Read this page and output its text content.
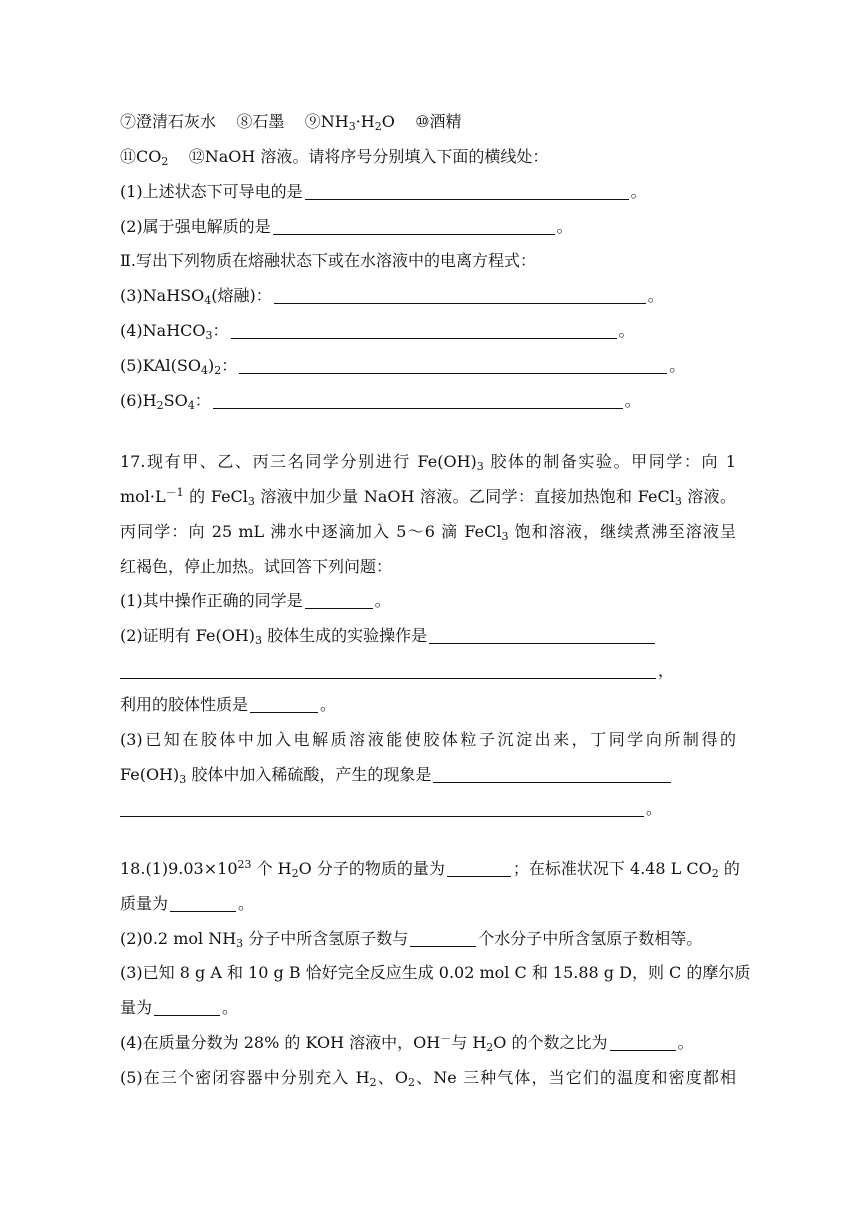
⑦澄清石灰水 ⑧石墨 $⑨NH_3\cdot H_2O$ ⑩酒精
$⑪CO_2$ ⑫NaOH 溶液。请将序号分别填入下面的横线处：
(1)上述状态下可导电的是	。
(2)属于强电解质的是	。
Ⅱ.写出下列物质在熔融状态下或在水溶液中的电离方程式：
(3)NaHSO$_4$(熔融)：	。
(4)NaHCO$_3$：	。
$(5)KAl(SO_4)_2$：	。
$(6)H_2SO_4$：	。
17.现有甲、乙、丙三名同学分别进行 $Fe(OH)_3$ 胶体的制备实验。甲同学：向 1
$mol\cdot L^{-1}$ 的 FeCl$_3$ 溶液中加少量 NaOH 溶液。乙同学：直接加热饱和 FeCl$_3$ 溶液。
丙同学：向 25 mL 沸水中逐滴加入 5～6 滴 FeCl$_3$ 饱和溶液，继续煮沸至溶液呈
红褐色，停止加热。试回答下列问题：
(1)其中操作正确的同学是	。
(2)证明有 $Fe(OH)_3$ 胶体生成的实验操作是
，
利用的胶体性质是	。
(3)已知在胶体中加入电解质溶液能使胶体粒子沉淀出来，丁同学向所制得的
$Fe(OH)_3$ 胶体中加入稀硫酸，产生的现象是
。
$18.(1)9.03\times 10^{23}$ 个 $H_2O$ 分子的物质的量为	；在标准状况下 4.48 L $CO_2$ 的
质量为	。
(2)0.2 mol $NH_3$ 分子中所含氢原子数与	个水分子中所含氢原子数相等。
(3)已知 8 g A 和 10 g B 恰好完全反应生成 0.02 mol C 和 15.88 g D，则 C 的摩尔质
量为	。
(4)在质量分数为 28% 的 KOH 溶液中，OH－与 $H_2O$ 的个数之比为	。
(5)在三个密闭容器中分别充入 $H_2$、$O_2$、Ne 三种气体，当它们的温度和密度都相
